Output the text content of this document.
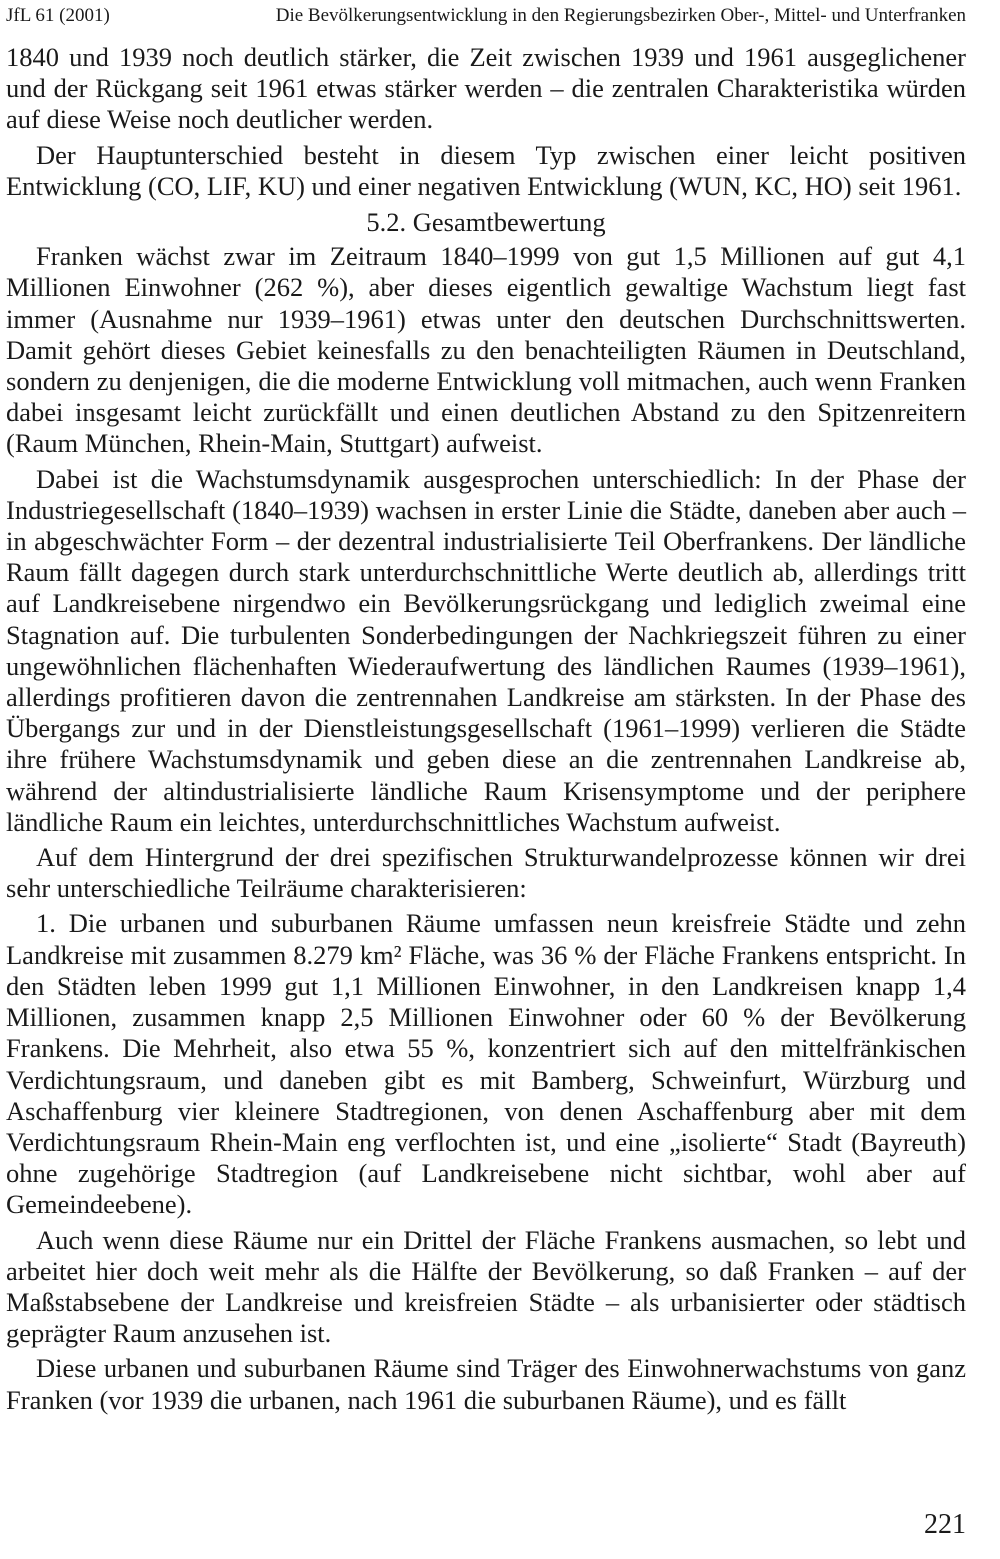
JfL 61 (2001)	Die Bevölkerungsentwicklung in den Regierungsbezirken Ober-, Mittel- und Unterfranken

1840 und 1939 noch deutlich stärker, die Zeit zwischen 1939 und 1961 ausgeglichener und der Rückgang seit 1961 etwas stärker werden – die zentralen Charakteristika würden auf diese Weise noch deutlicher werden.

Der Hauptunterschied besteht in diesem Typ zwischen einer leicht positiven Entwicklung (CO, LIF, KU) und einer negativen Entwicklung (WUN, KC, HO) seit 1961.

5.2. Gesamtbewertung

Franken wächst zwar im Zeitraum 1840–1999 von gut 1,5 Millionen auf gut 4,1 Millionen Einwohner (262 %), aber dieses eigentlich gewaltige Wachstum liegt fast immer (Ausnahme nur 1939–1961) etwas unter den deutschen Durchschnittswerten. Damit gehört dieses Gebiet keinesfalls zu den benachteiligten Räumen in Deutschland, sondern zu denjenigen, die die moderne Entwicklung voll mitmachen, auch wenn Franken dabei insgesamt leicht zurückfällt und einen deutlichen Abstand zu den Spitzenreitern (Raum München, Rhein-Main, Stuttgart) aufweist.

Dabei ist die Wachstumsdynamik ausgesprochen unterschiedlich: In der Phase der Industriegesellschaft (1840–1939) wachsen in erster Linie die Städte, daneben aber auch – in abgeschwächter Form – der dezentral industrialisierte Teil Oberfrankens. Der ländliche Raum fällt dagegen durch stark unterdurchschnittliche Werte deutlich ab, allerdings tritt auf Landkreisebene nirgendwo ein Bevölkerungsrückgang und lediglich zweimal eine Stagnation auf. Die turbulenten Sonderbedingungen der Nachkriegszeit führen zu einer ungewöhnlichen flächenhaften Wiederaufwertung des ländlichen Raumes (1939–1961), allerdings profitieren davon die zentrennahen Landkreise am stärksten. In der Phase des Übergangs zur und in der Dienstleistungsgesellschaft (1961–1999) verlieren die Städte ihre frühere Wachstumsdynamik und geben diese an die zentrennahen Landkreise ab, während der altindustrialisierte ländliche Raum Krisensymptome und der periphere ländliche Raum ein leichtes, unterdurchschnittliches Wachstum aufweist.

Auf dem Hintergrund der drei spezifischen Strukturwandelprozesse können wir drei sehr unterschiedliche Teilräume charakterisieren:

1. Die urbanen und suburbanen Räume umfassen neun kreisfreie Städte und zehn Landkreise mit zusammen 8.279 km² Fläche, was 36 % der Fläche Frankens entspricht. In den Städten leben 1999 gut 1,1 Millionen Einwohner, in den Landkreisen knapp 1,4 Millionen, zusammen knapp 2,5 Millionen Einwohner oder 60 % der Bevölkerung Frankens. Die Mehrheit, also etwa 55 %, konzentriert sich auf den mittelfränkischen Verdichtungsraum, und daneben gibt es mit Bamberg, Schweinfurt, Würzburg und Aschaffenburg vier kleinere Stadtregionen, von denen Aschaffenburg aber mit dem Verdichtungsraum Rhein-Main eng verflochten ist, und eine „isolierte“ Stadt (Bayreuth) ohne zugehörige Stadtregion (auf Landkreisebene nicht sichtbar, wohl aber auf Gemeindeebene).

Auch wenn diese Räume nur ein Drittel der Fläche Frankens ausmachen, so lebt und arbeitet hier doch weit mehr als die Hälfte der Bevölkerung, so daß Franken – auf der Maßstabsebene der Landkreise und kreisfreien Städte – als urbanisierter oder städtisch geprägter Raum anzusehen ist.

Diese urbanen und suburbanen Räume sind Träger des Einwohnerwachstums von ganz Franken (vor 1939 die urbanen, nach 1961 die suburbanen Räume), und es fällt

221
